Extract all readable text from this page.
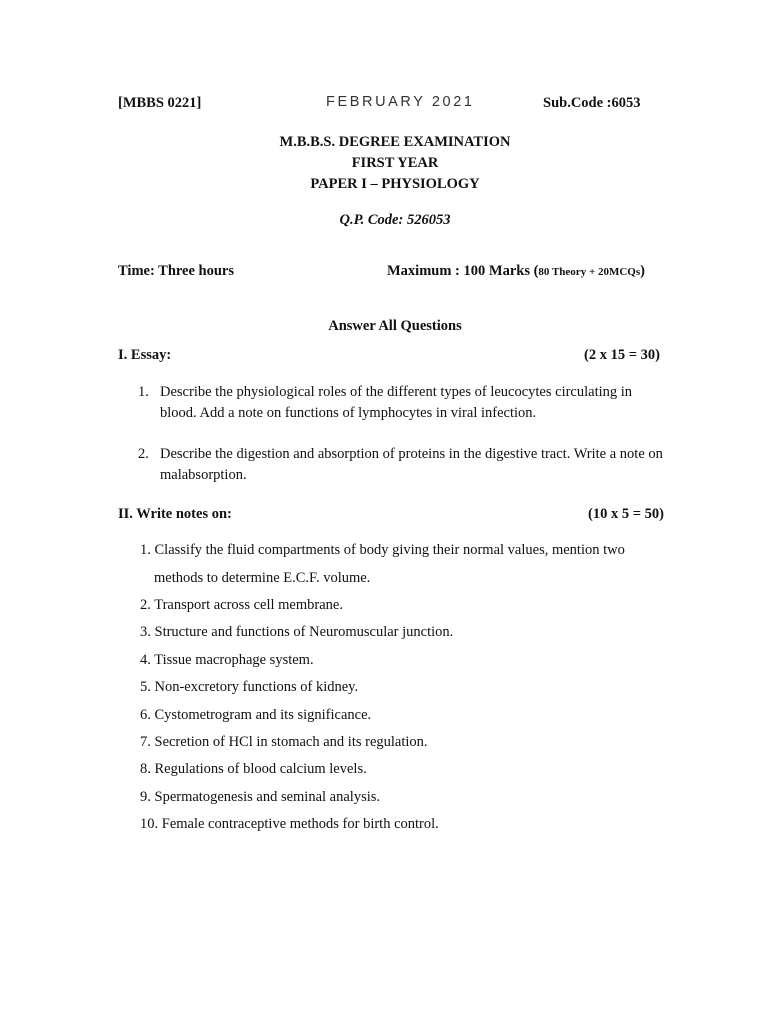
[MBBS 0221]	FEBRUARY 2021	Sub.Code :6053
M.B.B.S. DEGREE EXAMINATION
FIRST YEAR
PAPER I – PHYSIOLOGY
Q.P. Code: 526053
Time: Three hours	Maximum : 100 Marks (80 Theory + 20MCQs)
Answer All Questions
I. Essay:	(2 x 15 = 30)
1. Describe the physiological roles of the different types of leucocytes circulating in blood. Add a note on functions of lymphocytes in viral infection.
2. Describe the digestion and absorption of proteins in the digestive tract. Write a note on malabsorption.
II. Write notes on:	(10 x 5 = 50)
1. Classify the fluid compartments of body giving their normal values, mention two
methods to determine E.C.F. volume.
2. Transport across cell membrane.
3. Structure and functions of Neuromuscular junction.
4. Tissue macrophage system.
5. Non-excretory functions of kidney.
6. Cystometrogram and its significance.
7. Secretion of HCl in stomach and its regulation.
8. Regulations of blood calcium levels.
9. Spermatogenesis and seminal analysis.
10. Female contraceptive methods for birth control.
